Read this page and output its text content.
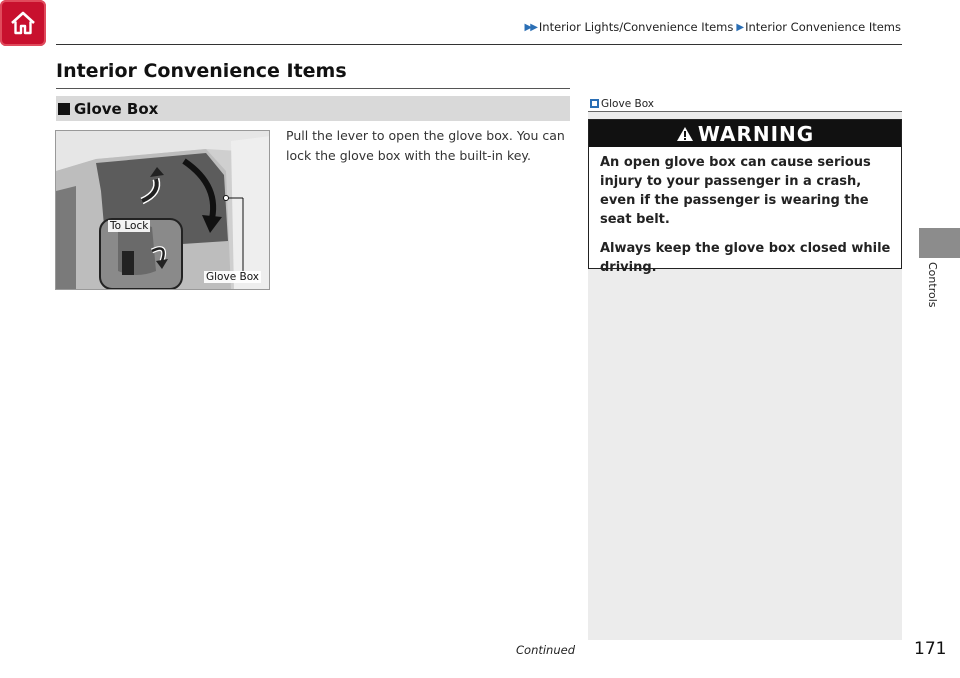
▶▶ Interior Lights/Convenience Items ▶ Interior Convenience Items
Interior Convenience Items
Glove Box
To Lock
Glove Box

Pull the lever to open the glove box. You can lock the glove box with the built-in key.

Glove Box
WARNING

An open glove box can cause serious injury to your passenger in a crash, even if the passenger is wearing the seat belt.

Always keep the glove box closed while driving.

Continued	171
Controls
